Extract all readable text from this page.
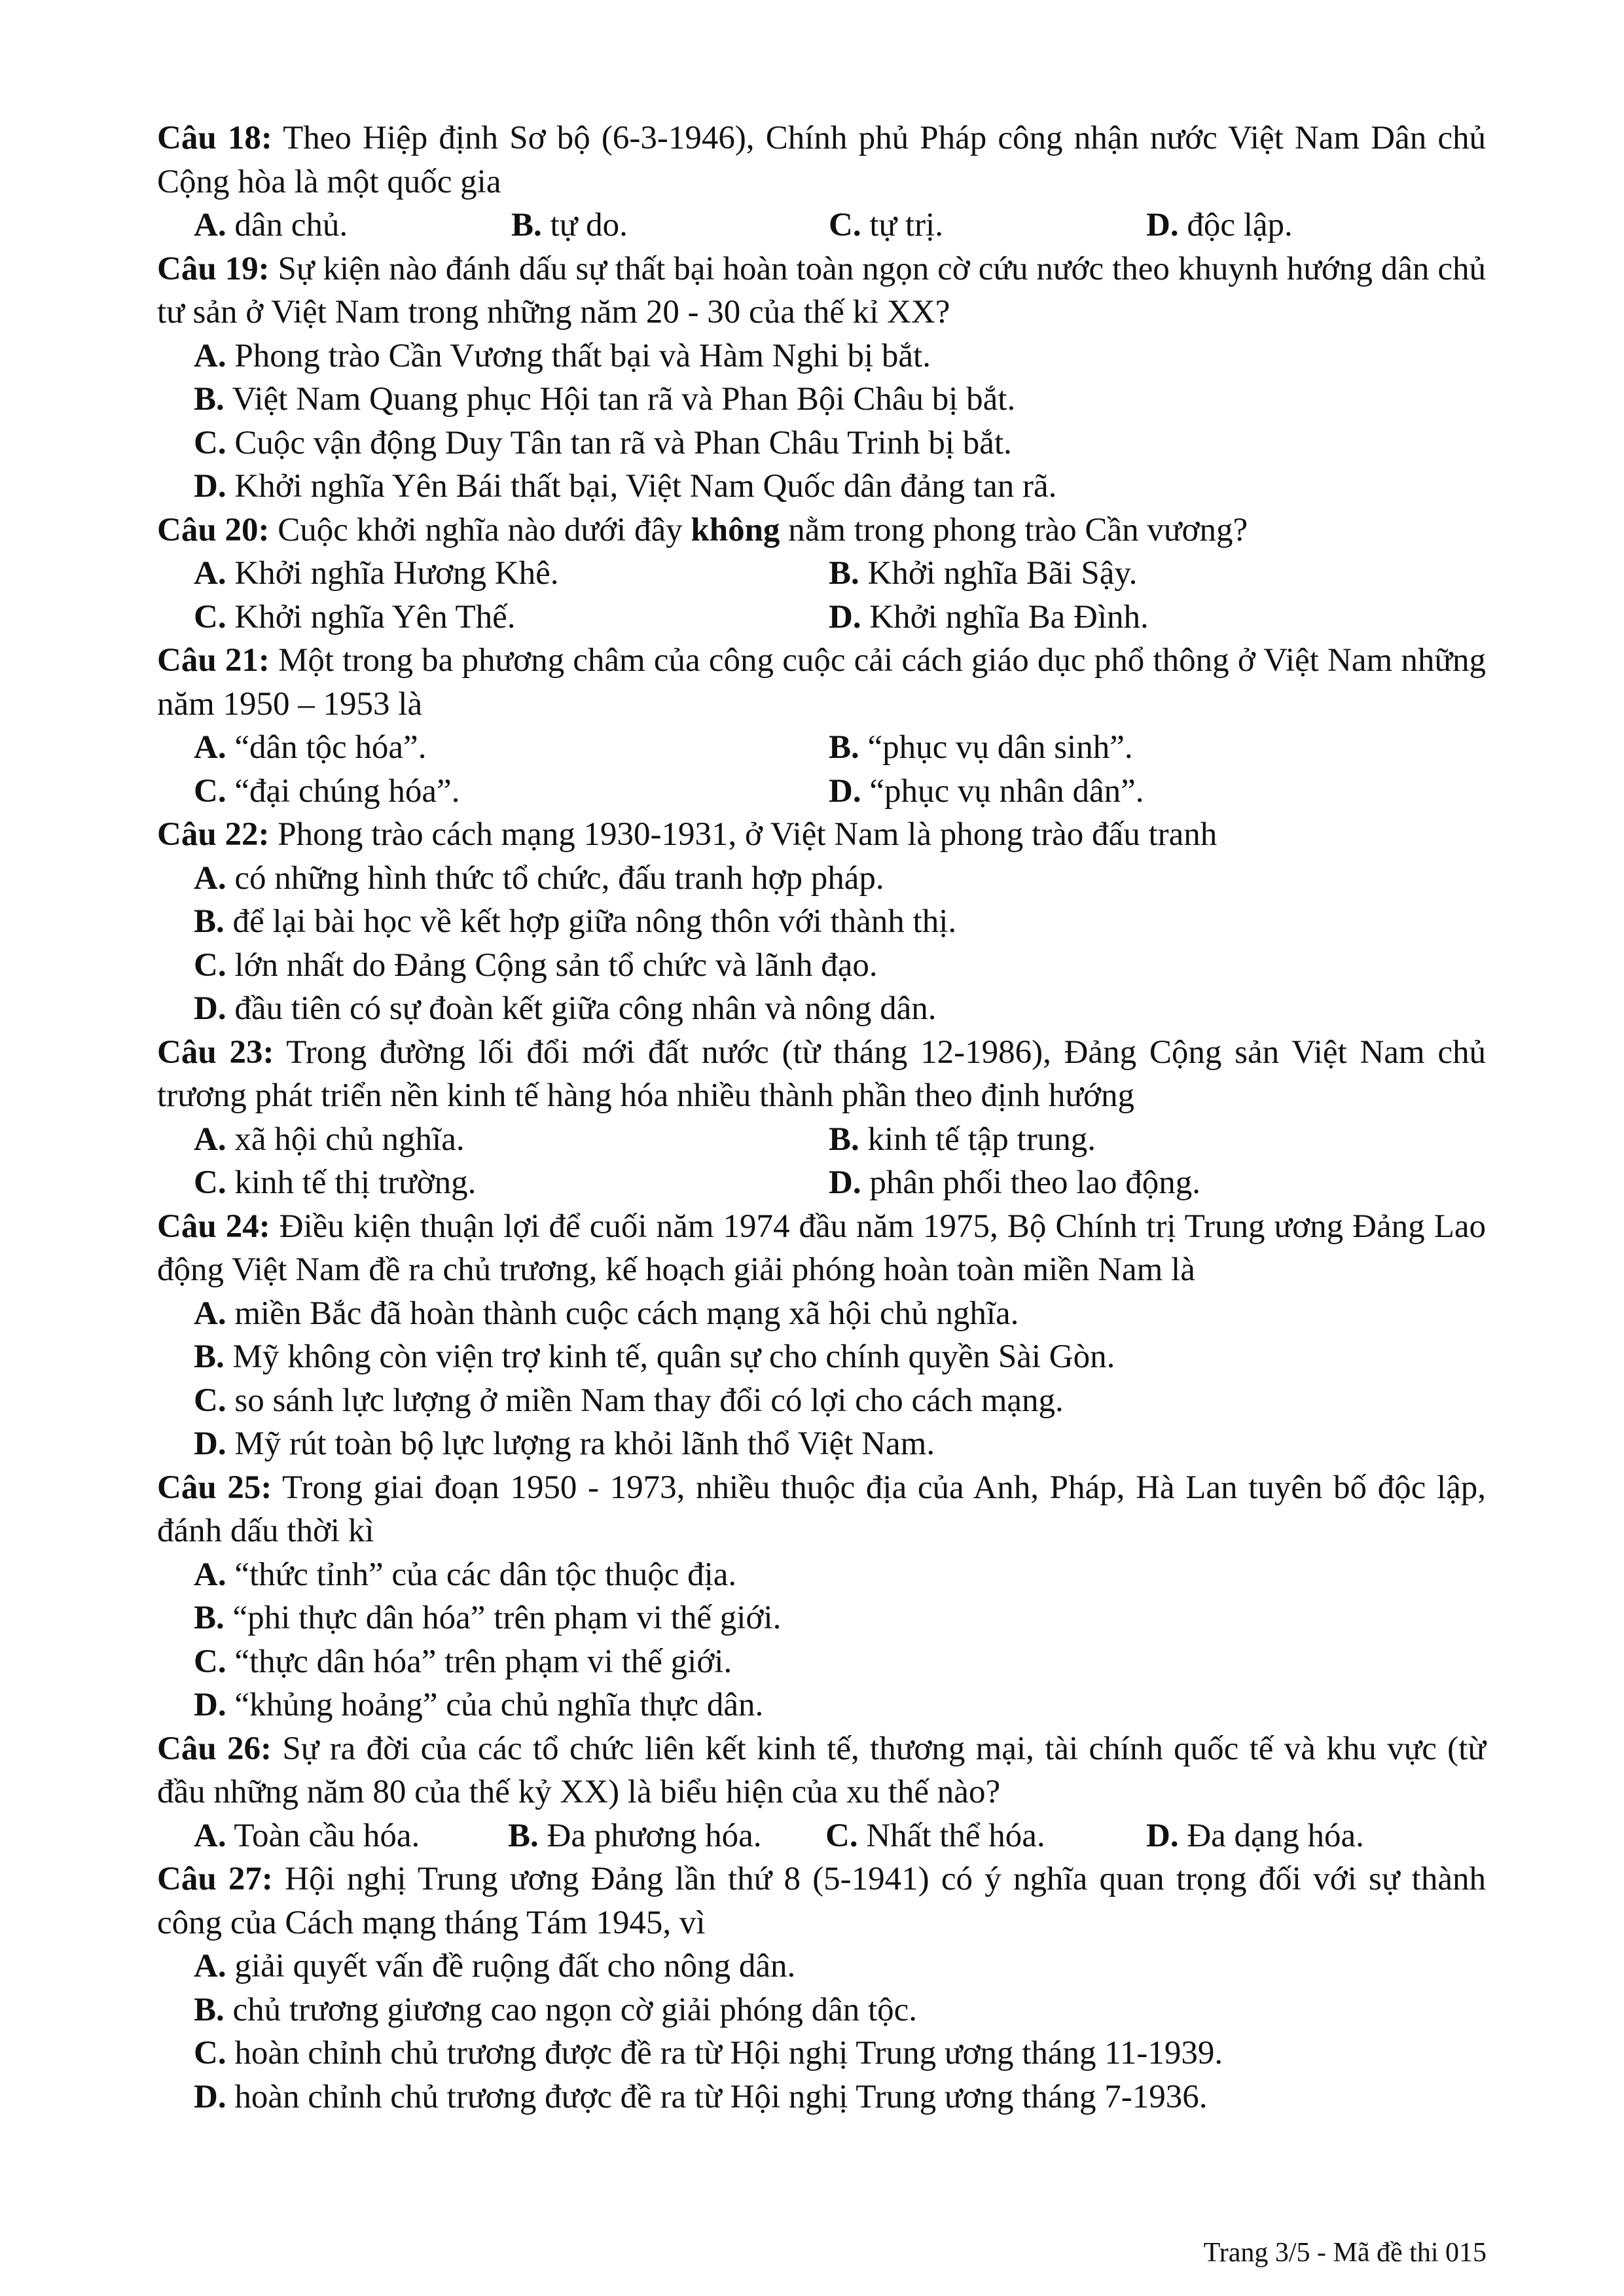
Câu 18: Theo Hiệp định Sơ bộ (6-3-1946), Chính phủ Pháp công nhận nước Việt Nam Dân chủ Cộng hòa là một quốc gia
A. dân chủ.	B. tự do.	C. tự trị.	D. độc lập.
Câu 19: Sự kiện nào đánh dấu sự thất bại hoàn toàn ngọn cờ cứu nước theo khuynh hướng dân chủ tư sản ở Việt Nam trong những năm 20 - 30 của thế kỉ XX?
A. Phong trào Cần Vương thất bại và Hàm Nghi bị bắt.
B. Việt Nam Quang phục Hội tan rã và Phan Bội Châu bị bắt.
C. Cuộc vận động Duy Tân tan rã và Phan Châu Trinh bị bắt.
D. Khởi nghĩa Yên Bái thất bại, Việt Nam Quốc dân đảng tan rã.
Câu 20: Cuộc khởi nghĩa nào dưới đây không nằm trong phong trào Cần vương?
A. Khởi nghĩa Hương Khê.	B. Khởi nghĩa Bãi Sậy.
C. Khởi nghĩa Yên Thế.	D. Khởi nghĩa Ba Đình.
Câu 21: Một trong ba phương châm của công cuộc cải cách giáo dục phổ thông ở Việt Nam những năm 1950 – 1953 là
A. “dân tộc hóa”.	B. “phục vụ dân sinh”.
C. “đại chúng hóa”.	D. “phục vụ nhân dân”.
Câu 22: Phong trào cách mạng 1930-1931, ở Việt Nam là phong trào đấu tranh
A. có những hình thức tổ chức, đấu tranh hợp pháp.
B. để lại bài học về kết hợp giữa nông thôn với thành thị.
C. lớn nhất do Đảng Cộng sản tổ chức và lãnh đạo.
D. đầu tiên có sự đoàn kết giữa công nhân và nông dân.
Câu 23: Trong đường lối đổi mới đất nước (từ tháng 12-1986), Đảng Cộng sản Việt Nam chủ trương phát triển nền kinh tế hàng hóa nhiều thành phần theo định hướng
A. xã hội chủ nghĩa.	B. kinh tế tập trung.
C. kinh tế thị trường.	D. phân phối theo lao động.
Câu 24: Điều kiện thuận lợi để cuối năm 1974 đầu năm 1975, Bộ Chính trị Trung ương Đảng Lao động Việt Nam đề ra chủ trương, kế hoạch giải phóng hoàn toàn miền Nam là
A. miền Bắc đã hoàn thành cuộc cách mạng xã hội chủ nghĩa.
B. Mỹ không còn viện trợ kinh tế, quân sự cho chính quyền Sài Gòn.
C. so sánh lực lượng ở miền Nam thay đổi có lợi cho cách mạng.
D. Mỹ rút toàn bộ lực lượng ra khỏi lãnh thổ Việt Nam.
Câu 25: Trong giai đoạn 1950 - 1973, nhiều thuộc địa của Anh, Pháp, Hà Lan tuyên bố độc lập, đánh dấu thời kì
A. “thức tỉnh” của các dân tộc thuộc địa.
B. “phi thực dân hóa” trên phạm vi thế giới.
C. “thực dân hóa” trên phạm vi thế giới.
D. “khủng hoảng” của chủ nghĩa thực dân.
Câu 26: Sự ra đời của các tổ chức liên kết kinh tế, thương mại, tài chính quốc tế và khu vực (từ đầu những năm 80 của thế kỷ XX) là biểu hiện của xu thế nào?
A. Toàn cầu hóa.	B. Đa phương hóa.	C. Nhất thể hóa.	D. Đa dạng hóa.
Câu 27: Hội nghị Trung ương Đảng lần thứ 8 (5-1941) có ý nghĩa quan trọng đối với sự thành công của Cách mạng tháng Tám 1945, vì
A. giải quyết vấn đề ruộng đất cho nông dân.
B. chủ trương giương cao ngọn cờ giải phóng dân tộc.
C. hoàn chỉnh chủ trương được đề ra từ Hội nghị Trung ương tháng 11-1939.
D. hoàn chỉnh chủ trương được đề ra từ Hội nghị Trung ương tháng 7-1936.
Trang 3/5 - Mã đề thi 015
